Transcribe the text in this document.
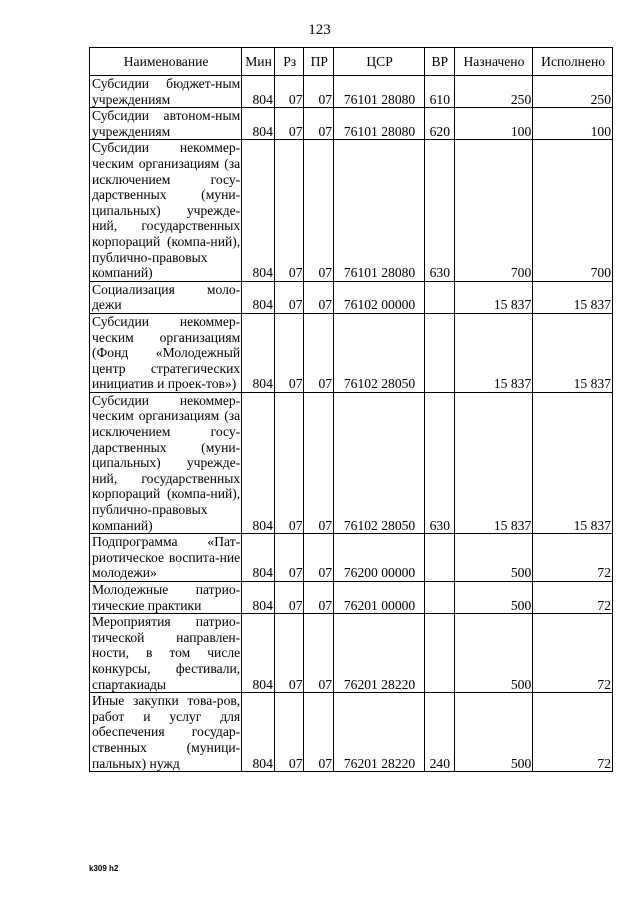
123
Наименование	Мин	Рз	ПР	ЦСР	ВР	Назначено	Исполнено
Субсидии бюджет-ным учреждениям	804	07	07	76101 28080	610	250	250
Субсидии автоном-ным учреждениям	804	07	07	76101 28080	620	100	100
Субсидии некоммер-ческим организациям (за исключением госу-дарственных (муни-ципальных) учрежде-ний, государственных корпораций (компа-ний), публично-правовых компаний)	804	07	07	76101 28080	630	700	700
Социализация моло-дежи	804	07	07	76102 00000		15 837	15 837
Субсидии некоммер-ческим организациям (Фонд «Молодежный центр стратегических инициатив и проек-тов»)	804	07	07	76102 28050		15 837	15 837
Субсидии некоммер-ческим организациям (за исключением госу-дарственных (муни-ципальных) учрежде-ний, государственных корпораций (компа-ний), публично-правовых компаний)	804	07	07	76102 28050	630	15 837	15 837
Подпрограмма «Пат-риотическое воспита-ние молодежи»	804	07	07	76200 00000		500	72
Молодежные патрио-тические практики	804	07	07	76201 00000		500	72
Мероприятия патрио-тической направлен-ности, в том числе конкурсы, фестивали, спартакиады	804	07	07	76201 28220		500	72
Иные закупки това-ров, работ и услуг для обеспечения государ-ственных (муници-пальных) нужд	804	07	07	76201 28220	240	500	72
k309 h2
